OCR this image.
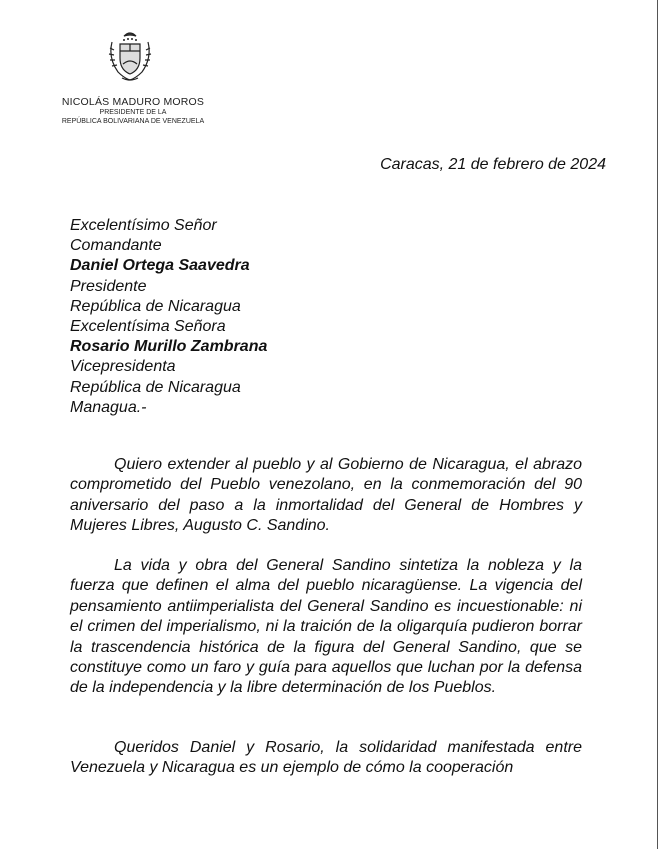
NICOLÁS MADURO MOROS
PRESIDENTE DE LA
REPÚBLICA BOLIVARIANA DE VENEZUELA
Caracas, 21 de febrero de 2024
Excelentísimo Señor
Comandante
Daniel Ortega Saavedra
Presidente
República de Nicaragua
Excelentísima Señora
Rosario Murillo Zambrana
Vicepresidenta
República de Nicaragua
Managua.-

Quiero extender al pueblo y al Gobierno de Nicaragua, el abrazo comprometido del Pueblo venezolano, en la conmemoración del 90 aniversario del paso a la inmortalidad del General de Hombres y Mujeres Libres, Augusto C. Sandino.

La vida y obra del General Sandino sintetiza la nobleza y la fuerza que definen el alma del pueblo nicaragüense. La vigencia del pensamiento antiimperialista del General Sandino es incuestionable: ni el crimen del imperialismo, ni la traición de la oligarquía pudieron borrar la trascendencia histórica de la figura del General Sandino, que se constituye como un faro y guía para aquellos que luchan por la defensa de la independencia y la libre determinación de los Pueblos.

Queridos Daniel y Rosario, la solidaridad manifestada entre Venezuela y Nicaragua es un ejemplo de cómo la cooperación
